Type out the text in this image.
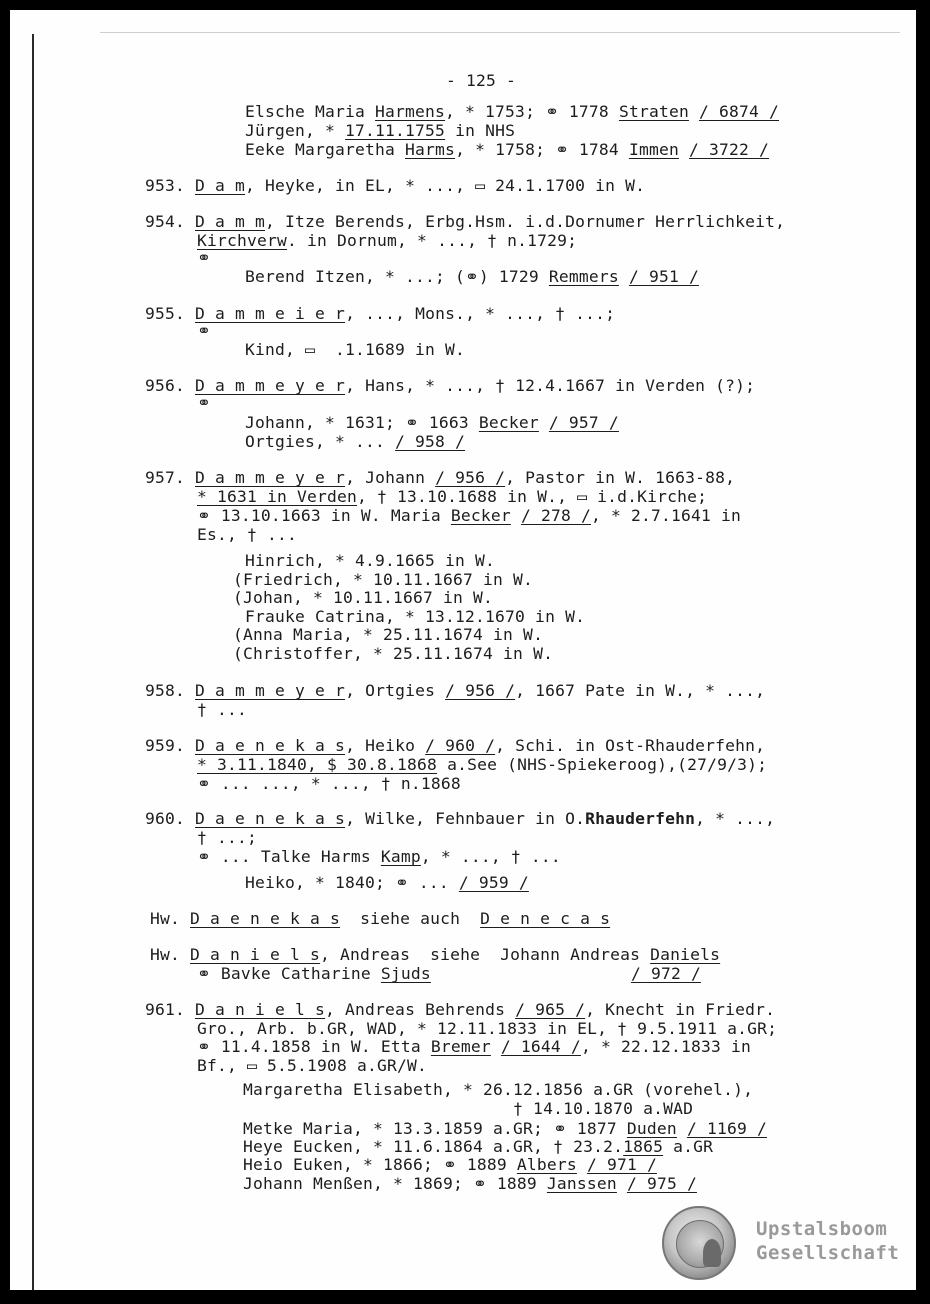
- 125 -
Elsche Maria Harmens, * 1753; ⚭ 1778 Straten / 6874 /
Jürgen, * 17.11.1755 in NHS
Eeke Margaretha Harms, * 1758; ⚭ 1784 Immen / 3722 /
953. D a m, Heyke, in EL, * ..., ▭ 24.1.1700 in W.
954. D a m m, Itze Berends, Erbg.Hsm. i.d.Dornumer Herrlichkeit,
Kirchverw. in Dornum, * ..., † n.1729;
⚭
Berend Itzen, * ...; (⚭) 1729 Remmers / 951 /
955. D a m m e i e r, ..., Mons., * ..., † ...;
⚭
Kind, ▭  .1.1689 in W.
956. D a m m e y e r, Hans, * ..., † 12.4.1667 in Verden (?);
⚭
Johann, * 1631; ⚭ 1663 Becker / 957 /
Ortgies, * ... / 958 /
957. D a m m e y e r, Johann / 956 /, Pastor in W. 1663-88,
* 1631 in Verden, † 13.10.1688 in W., ▭ i.d.Kirche;
⚭ 13.10.1663 in W. Maria Becker / 278 /, * 2.7.1641 in
Es., † ...
Hinrich, * 4.9.1665 in W.
(Friedrich, * 10.11.1667 in W.
(Johan, * 10.11.1667 in W.
Frauke Catrina, * 13.12.1670 in W.
(Anna Maria, * 25.11.1674 in W.
(Christoffer, * 25.11.1674 in W.
958. D a m m e y e r, Ortgies / 956 /, 1667 Pate in W., * ...,
† ...
959. D a e n e k a s, Heiko / 960 /, Schi. in Ost-Rhauderfehn,
* 3.11.1840, $ 30.8.1868 a.See (NHS-Spiekeroog),(27/9/3);
⚭ ... ..., * ..., † n.1868
960. D a e n e k a s, Wilke, Fehnbauer in O.Rhauderfehn, * ...,
† ...;
⚭ ... Talke Harms Kamp, * ..., † ...
Heiko, * 1840; ⚭ ... / 959 /
Hw. D a e n e k a s  siehe auch  D e n e c a s
Hw. D a n i e l s, Andreas  siehe  Johann Andreas Daniels
⚭ Bavke Catharine Sjuds	/ 972 /
961. D a n i e l s, Andreas Behrends / 965 /, Knecht in Friedr.
Gro., Arb. b.GR, WAD, * 12.11.1833 in EL, † 9.5.1911 a.GR;
⚭ 11.4.1858 in W. Etta Bremer / 1644 /, * 22.12.1833 in
Bf., ▭ 5.5.1908 a.GR/W.
Margaretha Elisabeth, * 26.12.1856 a.GR (vorehel.),
† 14.10.1870 a.WAD
Metke Maria, * 13.3.1859 a.GR; ⚭ 1877 Duden / 1169 /
Heye Eucken, * 11.6.1864 a.GR, † 23.2.1865 a.GR
Heio Euken, * 1866; ⚭ 1889 Albers / 971 /
Johann Menßen, * 1869; ⚭ 1889 Janssen / 975 /
Upstalsboom
Gesellschaft
